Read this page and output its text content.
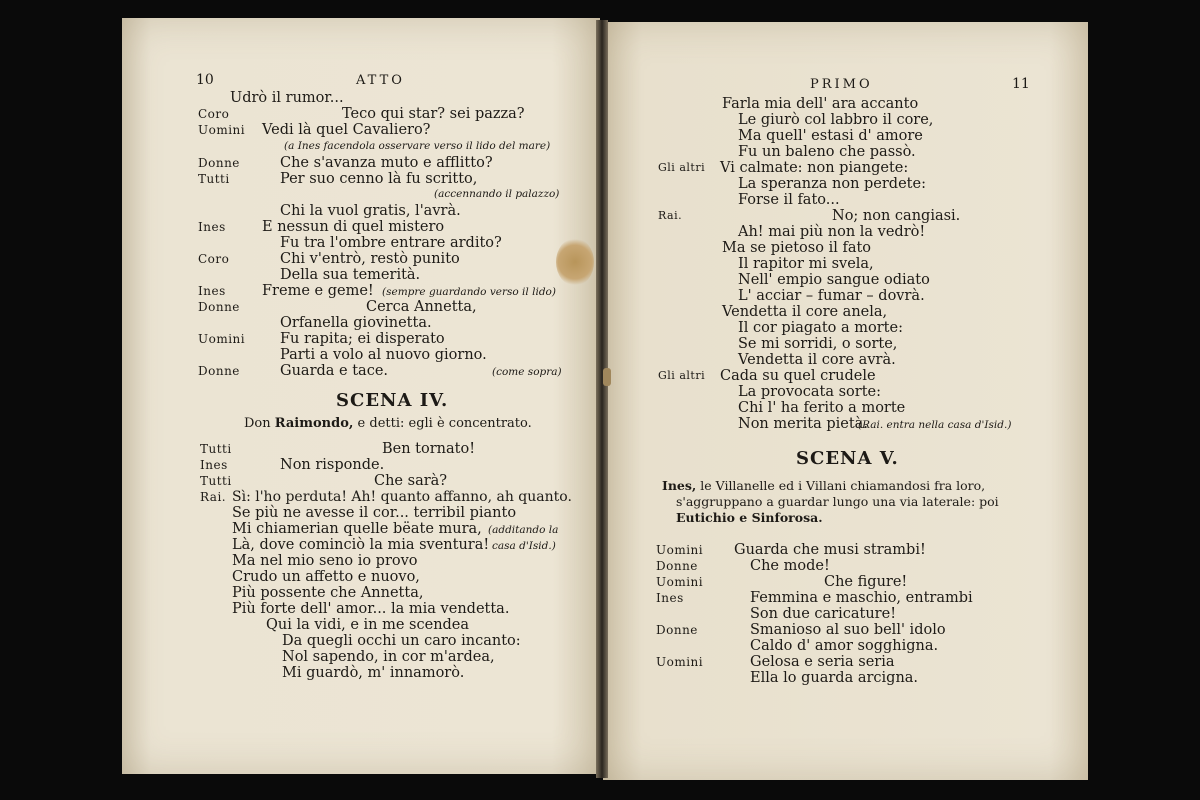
10	ATTO
Udrò il rumor...
Coro	Teco qui star? sei pazza?
Uomini Vedi là quel Cavaliero?
(a Ines facendola osservare verso il lido del mare)
Donne	Che s'avanza muto e afflitto?
Tutti	Per suo cenno là fu scritto,
(accennando il palazzo)
Chi la vuol gratis, l'avrà.
Ines	E nessun di quel mistero
Fu tra l'ombre entrare ardito?
Coro	Chi v'entrò, restò punito
Della sua temerità.
Ines	Freme e geme! (sempre guardando verso il lido)
Donne	Cerca Annetta,
Orfanella giovinetta.
Uomini Fu rapita; ei disperato
Parti a volo al nuovo giorno.
Donne	Guarda e tace.	(come sopra)
SCENA IV.
Don Raimondo, e detti: egli è concentrato.
Tutti	Ben tornato!
Ines	Non risponde.
Tutti	Che sarà?
Rai. Sì: l'ho perduta! Ah! quanto affanno, ah quanto.
Se più ne avesse il cor... terribil pianto
Mi chiamerian quelle bëate mura, (additando la
Là, dove cominciò la mia sventura! casa d'Isid.)
Ma nel mio seno io provo
Crudo un affetto e nuovo,
Più possente che Annetta,
Più forte dell' amor... la mia vendetta.
Qui la vidi, e in me scendea
Da quegli occhi un caro incanto:
Nol sapendo, in cor m'ardea,
Mi guardò, m' innamorò.
PRIMO	11
Farla mia dell' ara accanto
Le giurò col labbro il core,
Ma quell' estasi d' amore
Fu un baleno che passò.
Gli altri Vi calmate: non piangete:
La speranza non perdete:
Forse il fato...
Rai.	No; non cangiasi.
Ah! mai più non la vedrò!
Ma se pietoso il fato
Il rapitor mi svela,
Nell' empio sangue odiato
L' acciar – fumar – dovrà.
Vendetta il core anela,
Il cor piagato a morte:
Se mi sorridi, o sorte,
Vendetta il core avrà.
Gli altri Cada su quel crudele
La provocata sorte:
Chi l' ha ferito a morte
Non merita pietà.
(Rai. entra nella casa d'Isid.)
SCENA V.
Ines, le Villanelle ed i Villani chiamandosi fra loro,
s'aggruppano a guardar lungo una via laterale: poi
Eutichio e Sinforosa.
Uomini Guarda che musi strambi!
Donne	Che mode!
Uomini	Che figure!
Ines	Femmina e maschio, entrambi
Son due caricature!
Donne	Smanioso al suo bell' idolo
Caldo d' amor sogghigna.
Uomini	Gelosa e seria seria
Ella lo guarda arcigna.
